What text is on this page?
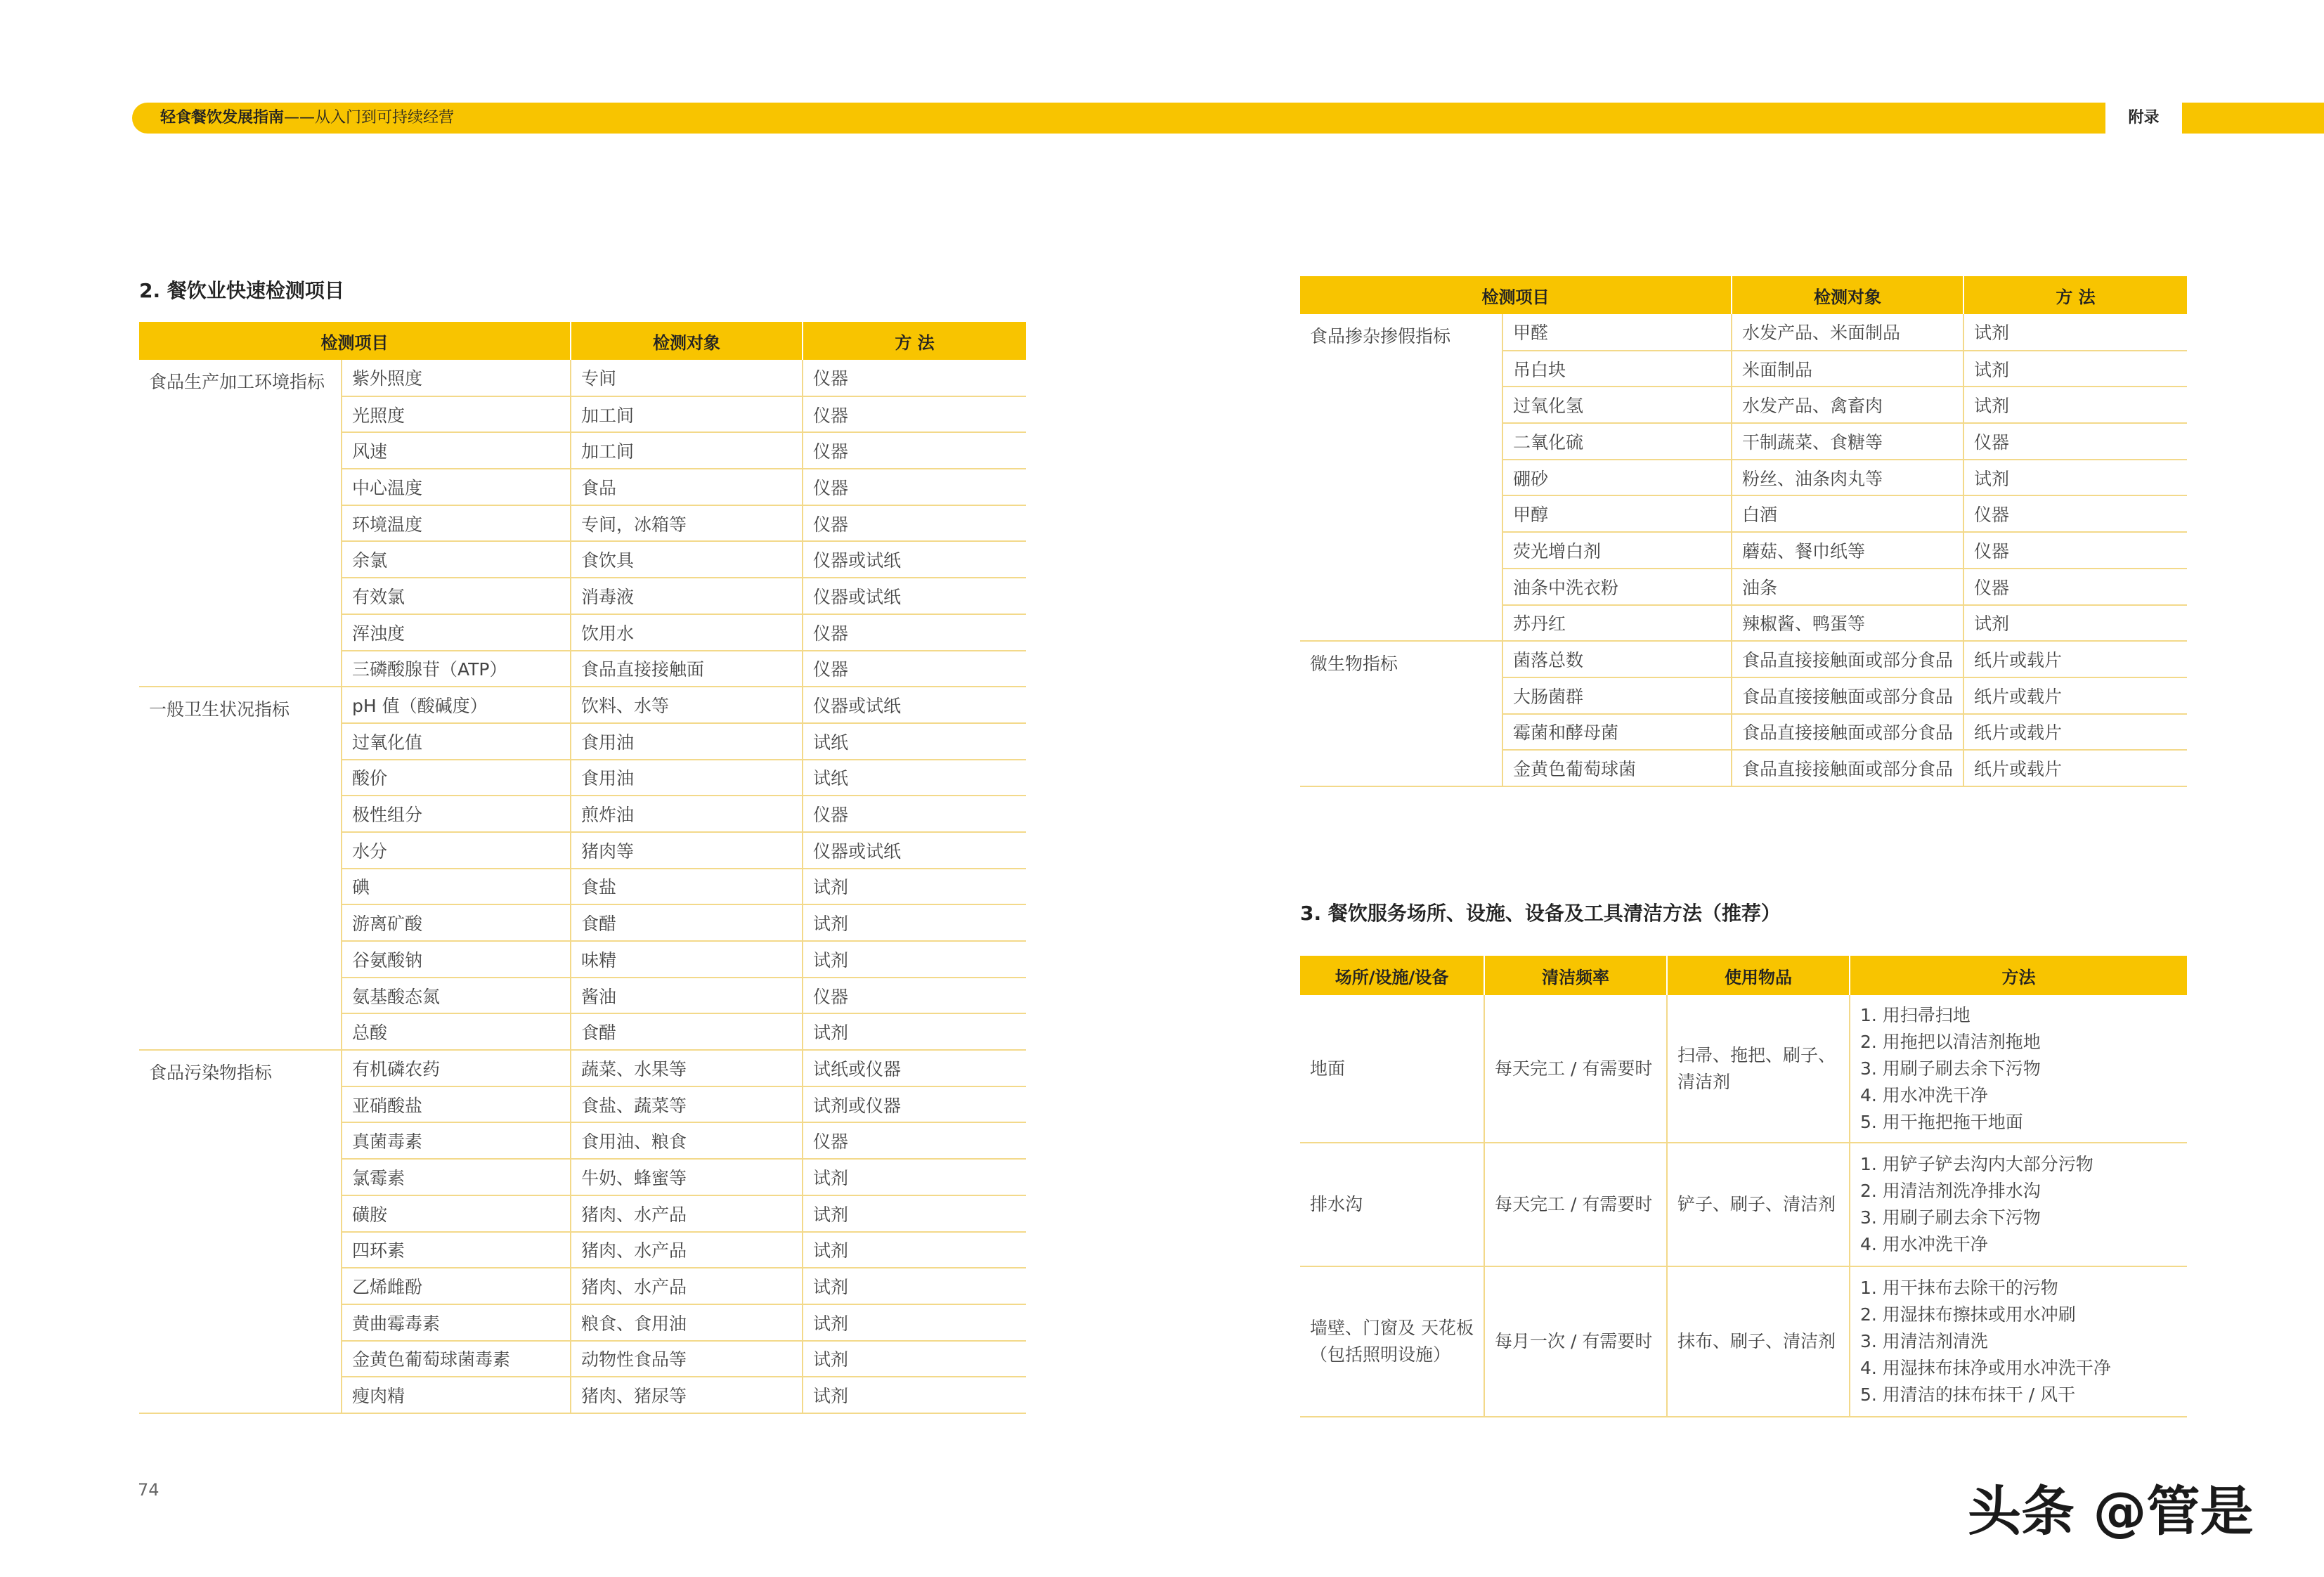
轻食餐饮发展指南——从入门到可持续经营	附录
2. 餐饮业快速检测项目
检测项目		检测对象	方 法
食品生产加工环境指标	紫外照度	专间	仪器
	光照度	加工间	仪器
	风速	加工间	仪器
	中心温度	食品	仪器
	环境温度	专间，冰箱等	仪器
	余氯	食饮具	仪器或试纸
	有效氯	消毒液	仪器或试纸
	浑浊度	饮用水	仪器
	三磷酸腺苷（ATP）	食品直接接触面	仪器
一般卫生状况指标	pH 值（酸碱度）	饮料、水等	仪器或试纸
	过氧化值	食用油	试纸
	酸价	食用油	试纸
	极性组分	煎炸油	仪器
	水分	猪肉等	仪器或试纸
	碘	食盐	试剂
	游离矿酸	食醋	试剂
	谷氨酸钠	味精	试剂
	氨基酸态氮	酱油	仪器
	总酸	食醋	试剂
食品污染物指标	有机磷农药	蔬菜、水果等	试纸或仪器
	亚硝酸盐	食盐、蔬菜等	试剂或仪器
	真菌毒素	食用油、粮食	仪器
	氯霉素	牛奶、蜂蜜等	试剂
	磺胺	猪肉、水产品	试剂
	四环素	猪肉、水产品	试剂
	乙烯雌酚	猪肉、水产品	试剂
	黄曲霉毒素	粮食、食用油	试剂
	金黄色葡萄球菌毒素	动物性食品等	试剂
	瘦肉精	猪肉、猪尿等	试剂
检测项目		检测对象	方 法
食品掺杂掺假指标	甲醛	水发产品、米面制品	试剂
	吊白块	米面制品	试剂
	过氧化氢	水发产品、禽畜肉	试剂
	二氧化硫	干制蔬菜、食糖等	仪器
	硼砂	粉丝、油条肉丸等	试剂
	甲醇	白酒	仪器
	荧光增白剂	蘑菇、餐巾纸等	仪器
	油条中洗衣粉	油条	仪器
	苏丹红	辣椒酱、鸭蛋等	试剂
微生物指标	菌落总数	食品直接接触面或部分食品	纸片或载片
	大肠菌群	食品直接接触面或部分食品	纸片或载片
	霉菌和酵母菌	食品直接接触面或部分食品	纸片或载片
	金黄色葡萄球菌	食品直接接触面或部分食品	纸片或载片
3. 餐饮服务场所、设施、设备及工具清洁方法（推荐）
场所/设施/设备	清洁频率	使用物品	方法
地面	每天完工 / 有需要时	扫帚、拖把、刷子、清洁剂	1. 用扫帚扫地
2. 用拖把以清洁剂拖地
3. 用刷子刷去余下污物
4. 用水冲洗干净
5. 用干拖把拖干地面

排水沟	每天完工 / 有需要时	铲子、刷子、清洁剂	1. 用铲子铲去沟内大部分污物
2. 用清洁剂洗净排水沟
3. 用刷子刷去余下污物
4. 用水冲洗干净

墙壁、门窗及 天花板（包括照明设施）	每月一次 / 有需要时	抹布、刷子、清洁剂	1. 用干抹布去除干的污物
2. 用湿抹布擦抹或用水冲刷
3. 用清洁剂清洗
4. 用湿抹布抹净或用水冲洗干净
5. 用清洁的抹布抹干 / 风干
74	头条 @管是
